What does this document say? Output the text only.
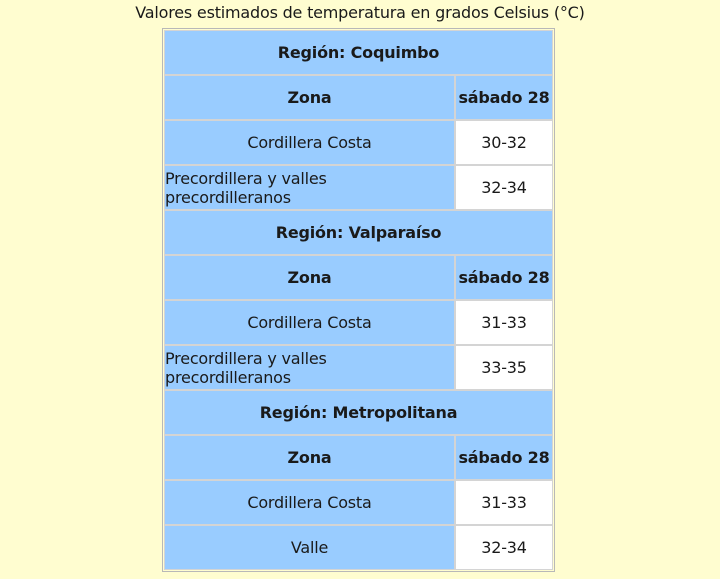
Valores estimados de temperatura en grados Celsius (°C)
Región: Coquimbo
Zona	sábado 28
Cordillera Costa	30-32
Precordillera y valles precordilleranos	32-34
Región: Valparaíso
Zona	sábado 28
Cordillera Costa	31-33
Precordillera y valles precordilleranos	33-35
Región: Metropolitana
Zona	sábado 28
Cordillera Costa	31-33
Valle	32-34
